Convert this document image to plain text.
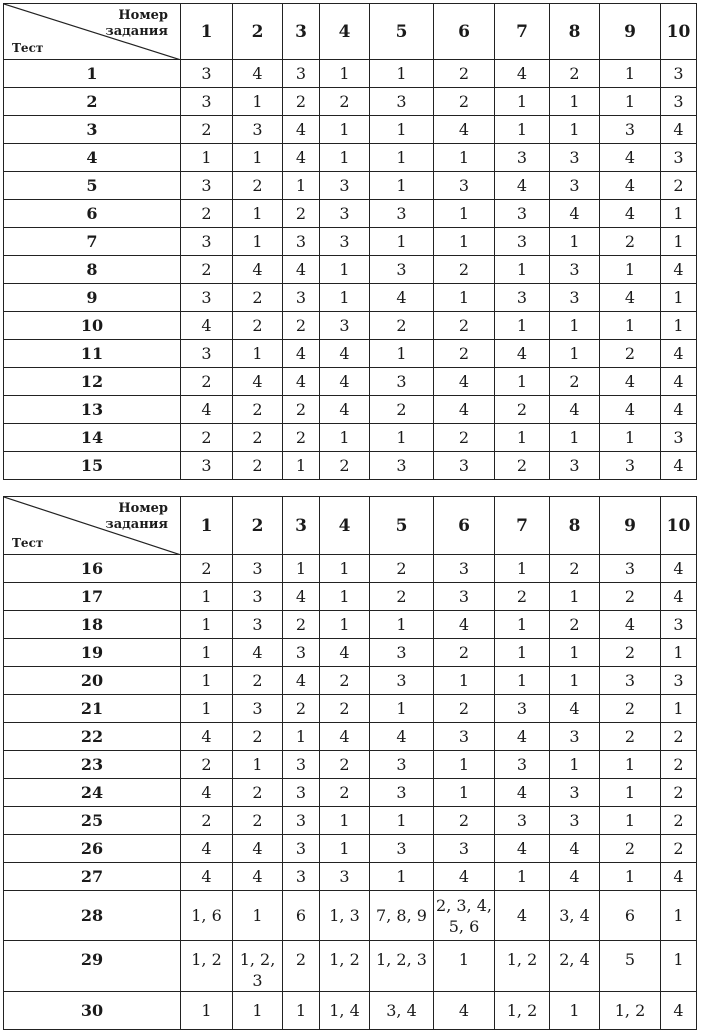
Номер
задания
Тест	1	2	3	4	5	6	7	8	9	10
1	3	4	3	1	1	2	4	2	1	3
2	3	1	2	2	3	2	1	1	1	3
3	2	3	4	1	1	4	1	1	3	4
4	1	1	4	1	1	1	3	3	4	3
5	3	2	1	3	1	3	4	3	4	2
6	2	1	2	3	3	1	3	4	4	1
7	3	1	3	3	1	1	3	1	2	1
8	2	4	4	1	3	2	1	3	1	4
9	3	2	3	1	4	1	3	3	4	1
10	4	2	2	3	2	2	1	1	1	1
11	3	1	4	4	1	2	4	1	2	4
12	2	4	4	4	3	4	1	2	4	4
13	4	2	2	4	2	4	2	4	4	4
14	2	2	2	1	1	2	1	1	1	3
15	3	2	1	2	3	3	2	3	3	4
Номер
задания
Тест	1	2	3	4	5	6	7	8	9	10
16	2	3	1	1	2	3	1	2	3	4
17	1	3	4	1	2	3	2	1	2	4
18	1	3	2	1	1	4	1	2	4	3
19	1	4	3	4	3	2	1	1	2	1
20	1	2	4	2	3	1	1	1	3	3
21	1	3	2	2	1	2	3	4	2	1
22	4	2	1	4	4	3	4	3	2	2
23	2	1	3	2	3	1	3	1	1	2
24	4	2	3	2	3	1	4	3	1	2
25	2	2	3	1	1	2	3	3	1	2
26	4	4	3	1	3	3	4	4	2	2
27	4	4	3	3	1	4	1	4	1	4
28	1, 6	1	6	1, 3	7, 8, 9	2, 3, 4, 5, 6	4	3, 4	6	1
29	1, 2	1, 2, 3	2	1, 2	1, 2, 3	1	1, 2	2, 4	5	1
30	1	1	1	1, 4	3, 4	4	1, 2	1	1, 2	4
